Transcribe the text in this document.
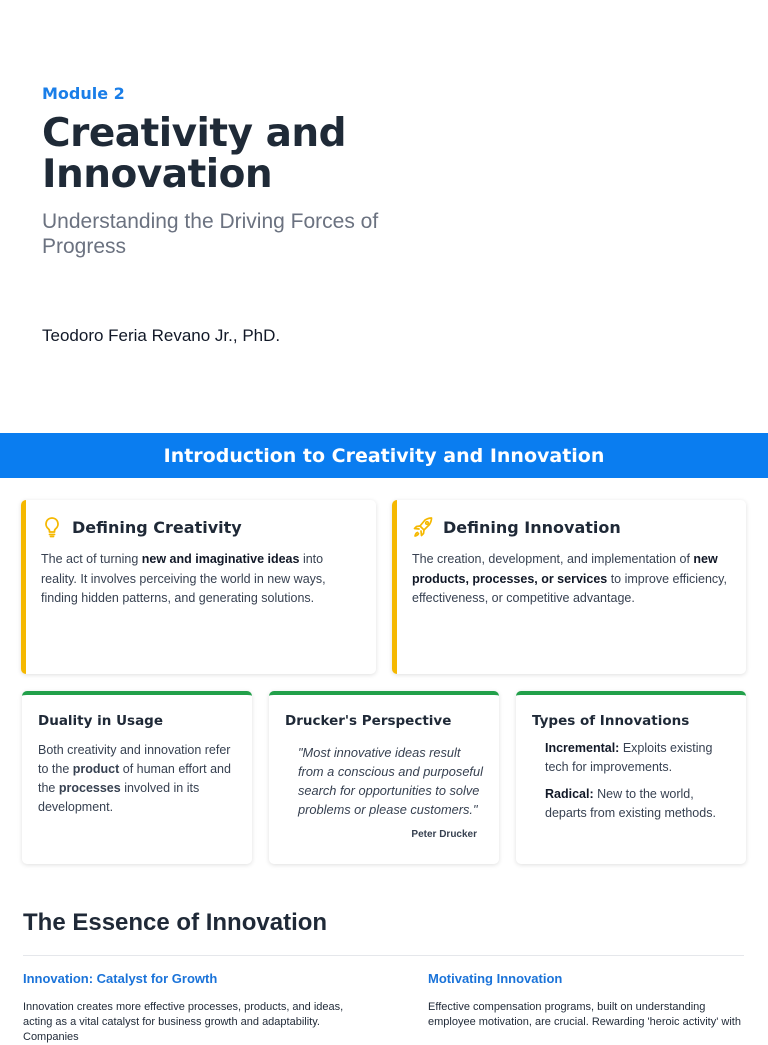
Module 2
Creativity and Innovation
Understanding the Driving Forces of Progress
Teodoro Feria Revano Jr., PhD.
Introduction to Creativity and Innovation
Defining Creativity
The act of turning new and imaginative ideas into reality. It involves perceiving the world in new ways, finding hidden patterns, and generating solutions.
Defining Innovation
The creation, development, and implementation of new products, processes, or services to improve efficiency, effectiveness, or competitive advantage.
Duality in Usage
Both creativity and innovation refer to the product of human effort and the processes involved in its development.
Drucker's Perspective
"Most innovative ideas result from a conscious and purposeful search for opportunities to solve problems or please customers."
Peter Drucker
Types of Innovations
Incremental: Exploits existing tech for improvements.
Radical: New to the world, departs from existing methods.
The Essence of Innovation
Innovation: Catalyst for Growth	Motivating Innovation
Innovation creates more effective processes, products, and ideas, acting as a vital catalyst for business growth and adaptability. Companies
Effective compensation programs, built on understanding employee motivation, are crucial. Rewarding 'heroic activity' with
